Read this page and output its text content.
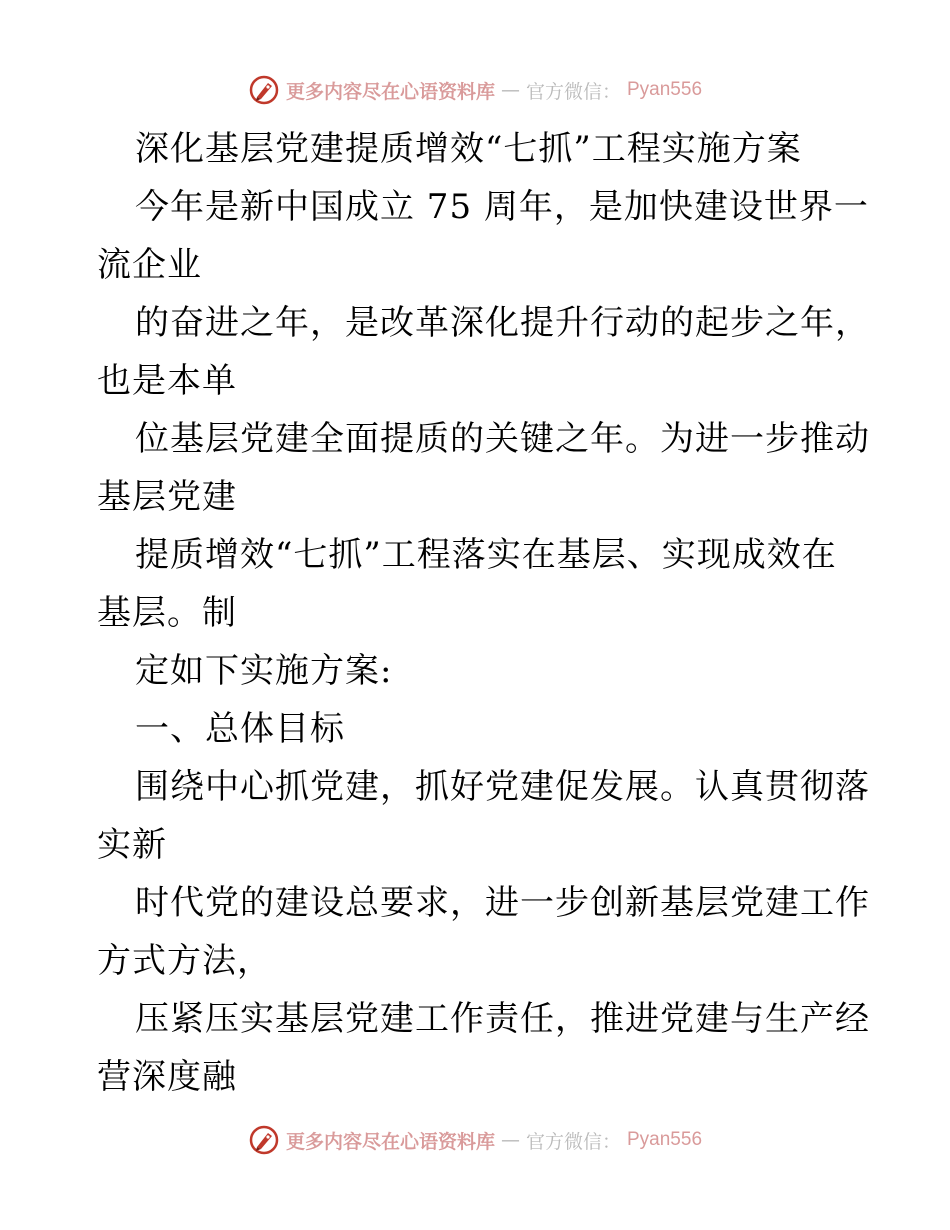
更多内容尽在心语资料库 — 官方微信： Pyan556
深化基层党建提质增效“七抓”工程实施方案
今年是新中国成立 75 周年，是加快建设世界一
流企业
的奋进之年，是改革深化提升行动的起步之年，
也是本单
位基层党建全面提质的关键之年。为进一步推动
基层党建
提质增效“七抓”工程落实在基层、实现成效在
基层。制
定如下实施方案:
一、总体目标
围绕中心抓党建，抓好党建促发展。认真贯彻落
实新
时代党的建设总要求，进一步创新基层党建工作
方式方法，
压紧压实基层党建工作责任，推进党建与生产经
营深度融
更多内容尽在心语资料库 — 官方微信： Pyan556
